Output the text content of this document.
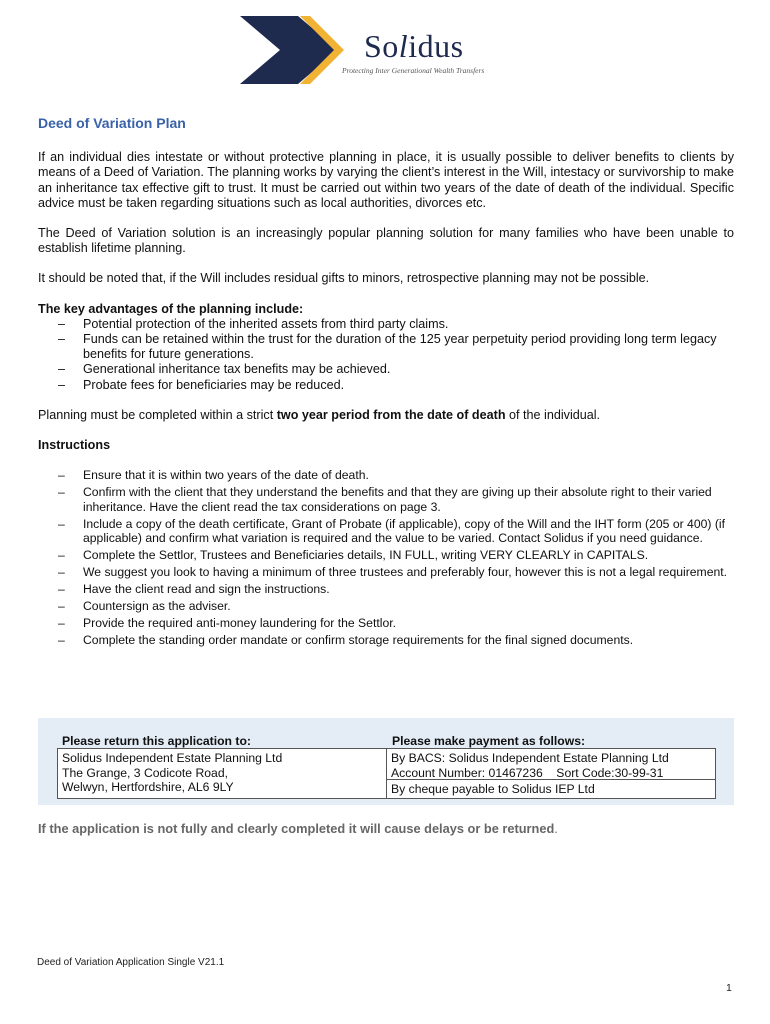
Solidus
Protecting Inter Generational Wealth Transfers
Deed of Variation Plan

If an individual dies intestate or without protective planning in place, it is usually possible to deliver benefits to clients by means of a Deed of Variation. The planning works by varying the client’s interest in the Will, intestacy or survivorship to make an inheritance tax effective gift to trust. It must be carried out within two years of the date of death of the individual. Specific advice must be taken regarding situations such as local authorities, divorces etc.

The Deed of Variation solution is an increasingly popular planning solution for many families who have been unable to establish lifetime planning.

It should be noted that, if the Will includes residual gifts to minors, retrospective planning may not be possible.

The key advantages of the planning include:
– Potential protection of the inherited assets from third party claims.
– Funds can be retained within the trust for the duration of the 125 year perpetuity period providing long term legacy benefits for future generations.
– Generational inheritance tax benefits may be achieved.
– Probate fees for beneficiaries may be reduced.

Planning must be completed within a strict two year period from the date of death of the individual.

Instructions
– Ensure that it is within two years of the date of death.
– Confirm with the client that they understand the benefits and that they are giving up their absolute right to their varied inheritance. Have the client read the tax considerations on page 3.
– Include a copy of the death certificate, Grant of Probate (if applicable), copy of the Will and the IHT form (205 or 400) (if applicable) and confirm what variation is required and the value to be varied. Contact Solidus if you need guidance.
– Complete the Settlor, Trustees and Beneficiaries details, IN FULL, writing VERY CLEARLY in CAPITALS.
– We suggest you look to having a minimum of three trustees and preferably four, however this is not a legal requirement.
– Have the client read and sign the instructions.
– Countersign as the adviser.
– Provide the required anti-money laundering for the Settlor.
– Complete the standing order mandate or confirm storage requirements for the final signed documents.
Please return this application to:	Please make payment as follows:
Solidus Independent Estate Planning Ltd
The Grange, 3 Codicote Road,
Welwyn, Hertfordshire, AL6 9LY
By BACS: Solidus Independent Estate Planning Ltd
Account Number: 01467236    Sort Code:30-99-31
By cheque payable to Solidus IEP Ltd
If the application is not fully and clearly completed it will cause delays or be returned.
Deed of Variation Application Single V21.1
1
